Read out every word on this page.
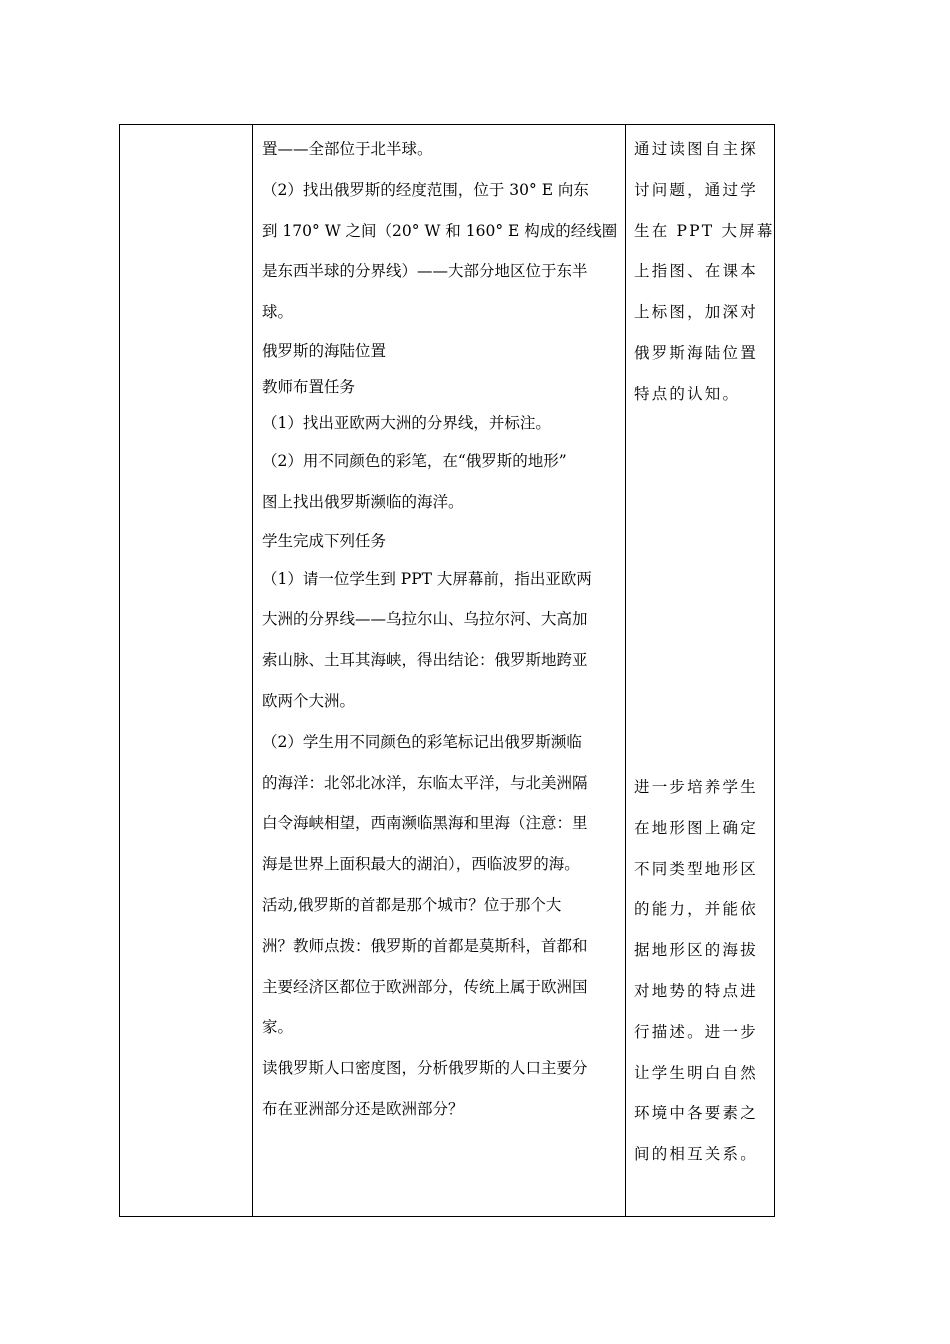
置——全部位于北半球。
（2）找出俄罗斯的经度范围，位于 30° E 向东
到 170° W 之间（20° W 和 160° E 构成的经线圈
是东西半球的分界线）——大部分地区位于东半
球。
俄罗斯的海陆位置
教师布置任务
（1）找出亚欧两大洲的分界线，并标注。
（2）用不同颜色的彩笔，在“俄罗斯的地形”
图上找出俄罗斯濒临的海洋。
学生完成下列任务
（1）请一位学生到 PPT 大屏幕前，指出亚欧两
大洲的分界线——乌拉尔山、乌拉尔河、大高加
索山脉、土耳其海峡，得出结论：俄罗斯地跨亚
欧两个大洲。
（2）学生用不同颜色的彩笔标记出俄罗斯濒临
的海洋：北邻北冰洋，东临太平洋，与北美洲隔
白令海峡相望，西南濒临黑海和里海（注意：里
海是世界上面积最大的湖泊），西临波罗的海。
活动,俄罗斯的首都是那个城市？位于那个大
洲？教师点拨：俄罗斯的首都是莫斯科，首都和
主要经济区都位于欧洲部分，传统上属于欧洲国
家。
读俄罗斯人口密度图，分析俄罗斯的人口主要分
布在亚洲部分还是欧洲部分？
通过读图自主探
讨问题，通过学
生在 PPT 大屏幕
上指图、在课本
上标图，加深对
俄罗斯海陆位置
特点的认知。
进一步培养学生
在地形图上确定
不同类型地形区
的能力，并能依
据地形区的海拔
对地势的特点进
行描述。进一步
让学生明白自然
环境中各要素之
间的相互关系。
